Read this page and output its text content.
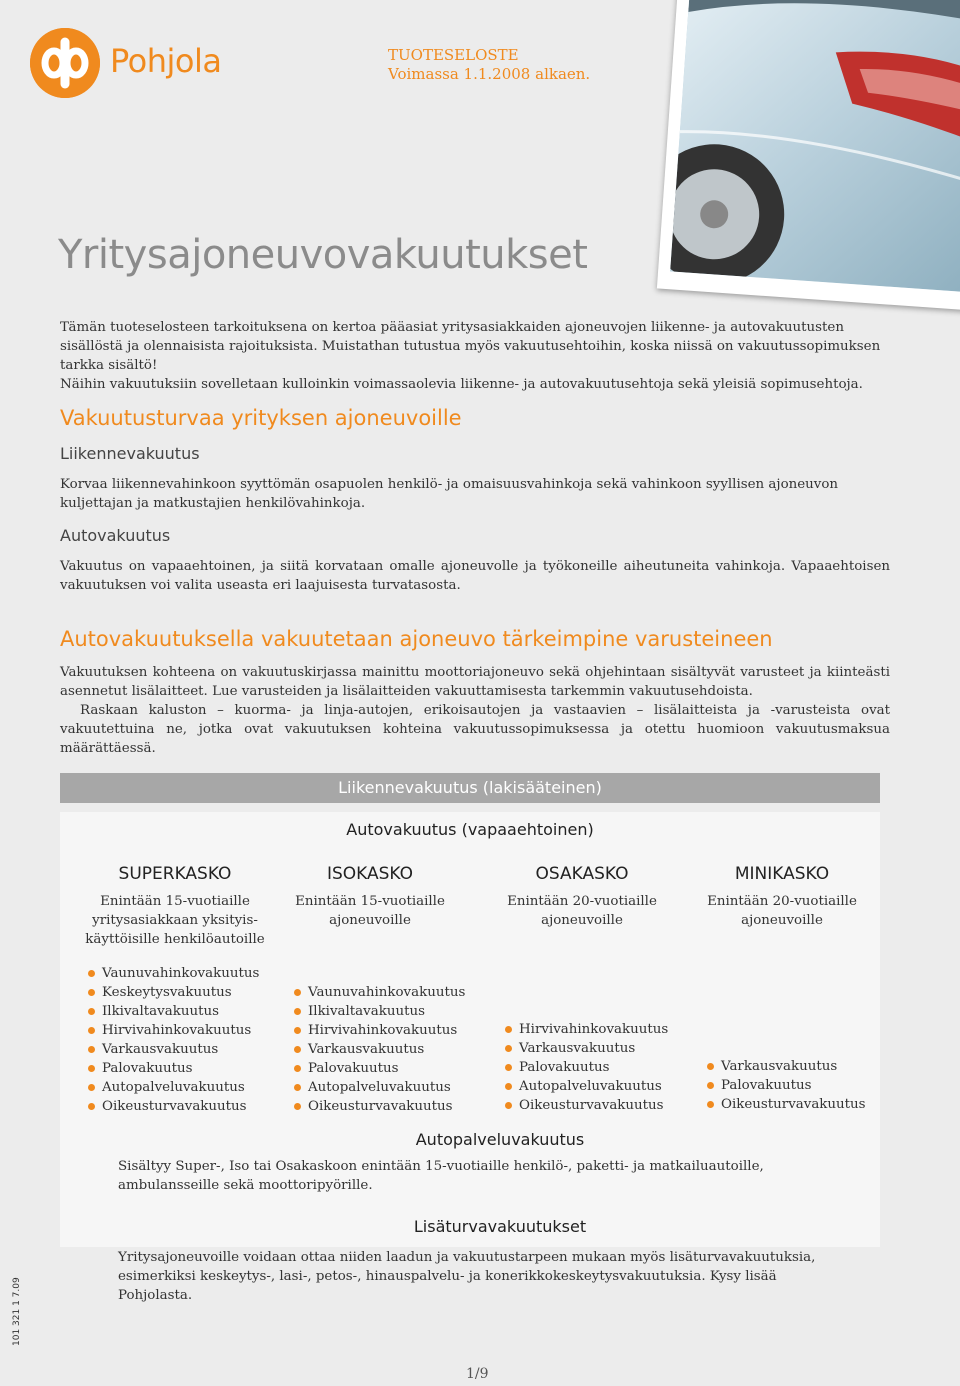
Pohjola	TUOTESELOSTE
Voimassa 1.1.2008 alkaen.
Yritysajoneuvovakuutukset
Tämän tuoteselosteen tarkoituksena on kertoa pääasiat yritysasiakkaiden ajoneuvojen liikenne- ja autovakuutusten sisällöstä ja olennaisista rajoituksista. Muistathan tutustua myös vakuutusehtoihin, koska niissä on vakuutussopimuksen tarkka sisältö!
Näihin vakuutuksiin sovelletaan kulloinkin voimassaolevia liikenne- ja autovakuutusehtoja sekä yleisiä sopimusehtoja.
Vakuutusturvaa yrityksen ajoneuvoille
Liikennevakuutus
Korvaa liikennevahinkoon syyttömän osapuolen henkilö- ja omaisuusvahinkoja sekä vahinkoon syyllisen ajoneuvon kuljettajan ja matkustajien henkilövahinkoja.
Autovakuutus
Vakuutus on vapaaehtoinen, ja siitä korvataan omalle ajoneuvolle ja työkoneille aiheutuneita vahinkoja. Vapaaehtoisen vakuutuksen voi valita useasta eri laajuisesta turvatasosta.
Autovakuutuksella vakuutetaan ajoneuvo tärkeimpine varusteineen
Vakuutuksen kohteena on vakuutuskirjassa mainittu moottoriajoneuvo sekä ohjehintaan sisältyvät varusteet ja kiinteästi asennetut lisälaitteet. Lue varusteiden ja lisälaitteiden vakuuttamisesta tarkemmin vakuutusehdoista.
Raskaan kaluston – kuorma- ja linja-autojen, erikoisautojen ja vastaavien – lisälaitteista ja -varusteista ovat vakuutettuina ne, jotka ovat vakuutuksen kohteina vakuutussopimuksessa ja otettu huomioon vakuutusmaksua määrättäessä.
Liikennevakuutus (lakisääteinen)
Autovakuutus (vapaaehtoinen)
SUPERKASKO
Enintään 15-vuotiaille yritysasiakkaan yksityis-käyttöisille henkilöautoille
Vaunuvahinkovakuutus
Keskeytysvakuutus
Ilkivaltavakuutus
Hirvivahinkovakuutus
Varkausvakuutus
Palovakuutus
Autopalveluvakuutus
Oikeusturvavakuutus
ISOKASKO
Enintään 15-vuotiaille ajoneuvoille
Vaunuvahinkovakuutus
Ilkivaltavakuutus
Hirvivahinkovakuutus
Varkausvakuutus
Palovakuutus
Autopalveluvakuutus
Oikeusturvavakuutus
OSAKASKO
Enintään 20-vuotiaille ajoneuvoille
Hirvivahinkovakuutus
Varkausvakuutus
Palovakuutus
Autopalveluvakuutus
Oikeusturvavakuutus
MINIKASKO
Enintään 20-vuotiaille ajoneuvoille
Varkausvakuutus
Palovakuutus
Oikeusturvavakuutus
Autopalveluvakuutus
Sisältyy Super-, Iso tai Osakaskoon enintään 15-vuotiaille henkilö-, paketti- ja matkailuautoille, ambulansseille sekä moottoripyörille.
Lisäturvavakuutukset
Yritysajoneuvoille voidaan ottaa niiden laadun ja vakuutustarpeen mukaan myös lisäturvavakuutuksia, esimerkiksi keskeytys-, lasi-, petos-, hinauspalvelu- ja konerikkokeskeytysvakuutuksia. Kysy lisää Pohjolasta.
101 321 1 7.09
1/9
